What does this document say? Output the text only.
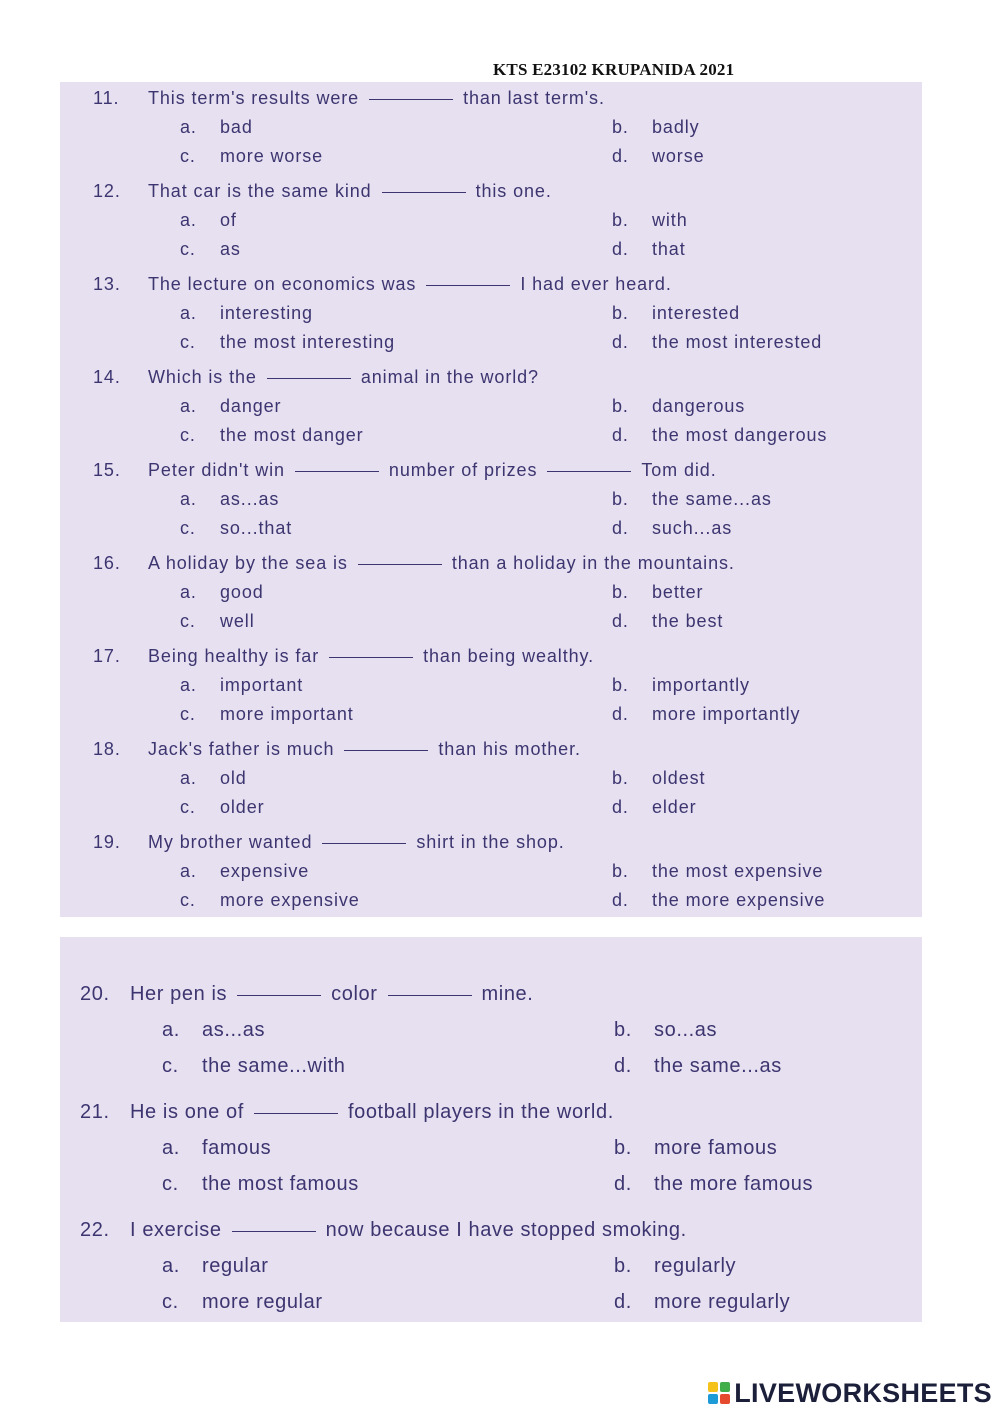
KTS E23102 KRUPANIDA 2021
11. This term's results were	than last term's.
a. bad	b. badly
c. more worse	d. worse
12. That car is the same kind	this one.
a. of	b. with
c. as	d. that
13. The lecture on economics was	I had ever heard.
a. interesting	b. interested
c. the most interesting	d. the most interested
14. Which is the	animal in the world?
a. danger	b. dangerous
c. the most danger	d. the most dangerous
15. Peter didn't win	number of prizes	Tom did.
a. as...as	b. the same...as
c. so...that	d. such...as
16. A holiday by the sea is	than a holiday in the mountains.
a. good	b. better
c. well	d. the best
17. Being healthy is far	than being wealthy.
a. important	b. importantly
c. more important	d. more importantly
18. Jack's father is much	than his mother.
a. old	b. oldest
c. older	d. elder
19. My brother wanted	shirt in the shop.
a. expensive	b. the most expensive
c. more expensive	d. the more expensive
20. Her pen is	color	mine.
a. as...as	b. so...as
c. the same...with	d. the same...as
21. He is one of	football players in the world.
a. famous	b. more famous
c. the most famous	d. the more famous
22. I exercise	now because I have stopped smoking.
a. regular	b. regularly
c. more regular	d. more regularly
LIVEWORKSHEETS
